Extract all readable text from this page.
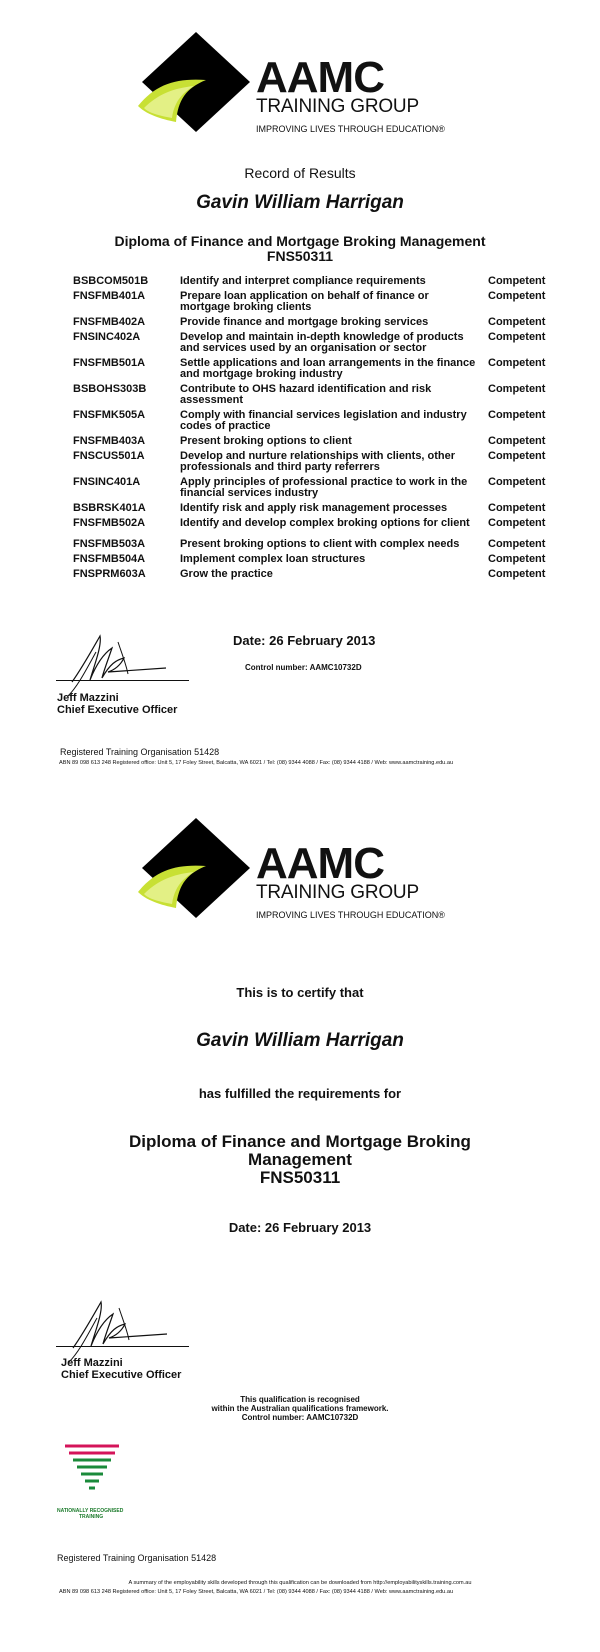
AAMC
TRAINING GROUP
IMPROVING LIVES THROUGH EDUCATION®
Record of Results
Gavin William Harrigan
Diploma of Finance and Mortgage Broking Management
FNS50311
BSBCOM501B	Identify and interpret compliance requirements	Competent
FNSFMB401A	Prepare loan application on behalf of finance or mortgage broking clients	Competent
FNSFMB402A	Provide finance and mortgage broking services	Competent
FNSINC402A	Develop and maintain in-depth knowledge of products and services used by an organisation or sector	Competent
FNSFMB501A	Settle applications and loan arrangements in the finance and mortgage broking industry	Competent
BSBOHS303B	Contribute to OHS hazard identification and risk assessment	Competent
FNSFMK505A	Comply with financial services legislation and industry codes of practice	Competent
FNSFMB403A	Present broking options to client	Competent
FNSCUS501A	Develop and nurture relationships with clients, other professionals and third party referrers	Competent
FNSINC401A	Apply principles of professional practice to work in the financial services industry	Competent
BSBRSK401A	Identify risk and apply risk management processes	Competent
FNSFMB502A	Identify and develop complex broking options for client	Competent
FNSFMB503A	Present broking options to client with complex needs	Competent
FNSFMB504A	Implement complex loan structures	Competent
FNSPRM603A	Grow the practice	Competent
Date: 26 February 2013
Control number: AAMC10732D
Jeff Mazzini
Chief Executive Officer
Registered Training Organisation 51428
ABN 89 098 613 248 Registered office: Unit 5, 17 Foley Street, Balcatta, WA 6021 / Tel: (08) 9344 4088 / Fax: (08) 9344 4188 / Web: www.aamctraining.edu.au
AAMC
TRAINING GROUP
IMPROVING LIVES THROUGH EDUCATION®
This is to certify that
Gavin William Harrigan
has fulfilled the requirements for
Diploma of Finance and Mortgage Broking
Management
FNS50311
Date: 26 February 2013
Jeff Mazzini
Chief Executive Officer
This qualification is recognised
within the Australian qualifications framework.
Control number: AAMC10732D
NATIONALLY RECOGNISED
TRAINING
Registered Training Organisation 51428
A summary of the employability skills developed through this qualification can be downloaded from http://employabilityskills.training.com.au
ABN 89 098 613 248 Registered office: Unit 5, 17 Foley Street, Balcatta, WA 6021 / Tel: (08) 9344 4088 / Fax: (08) 9344 4188 / Web: www.aamctraining.edu.au
